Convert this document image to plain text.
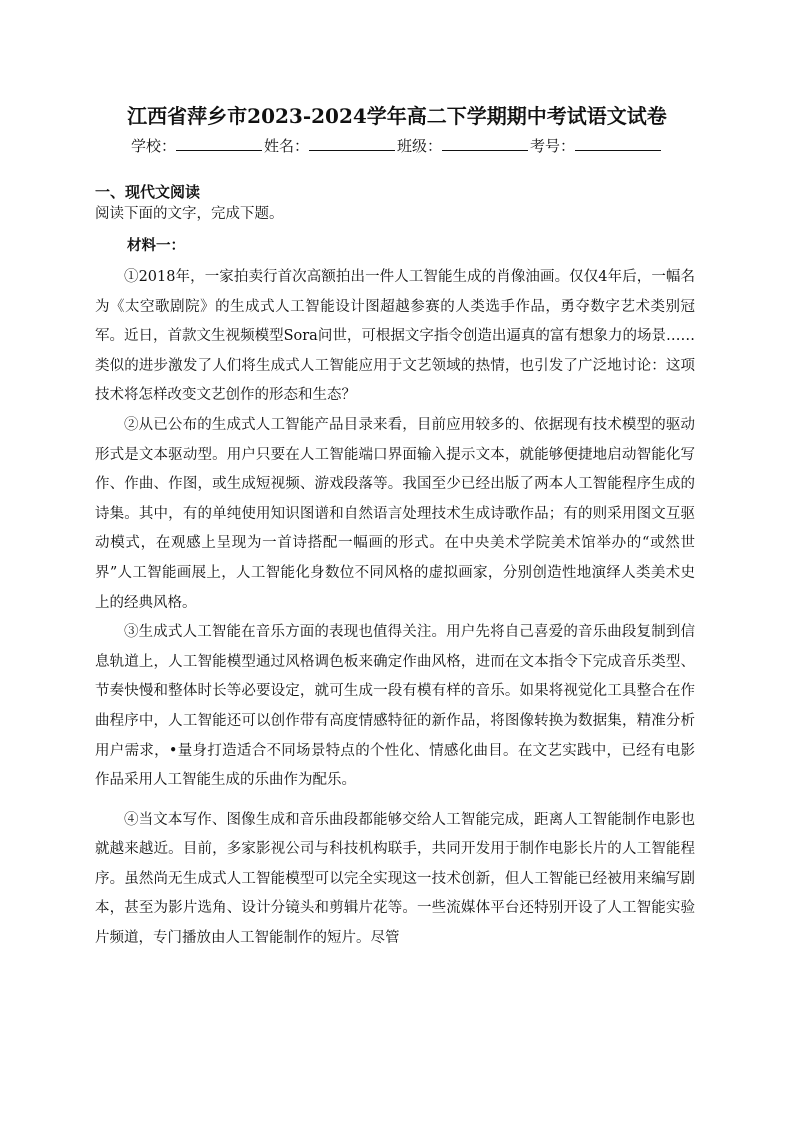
江西省萍乡市2023-2024学年高二下学期期中考试语文试卷
学校：	姓名：	班级：	考号：
一、现代文阅读
阅读下面的文字，完成下题。
材料一：

①2018年，一家拍卖行首次高额拍出一件人工智能生成的肖像油画。仅仅4年后，一幅名为《太空歌剧院》的生成式人工智能设计图超越参赛的人类选手作品，勇夺数字艺术类别冠军。近日，首款文生视频模型Sora问世，可根据文字指令创造出逼真的富有想象力的场景……类似的进步激发了人们将生成式人工智能应用于文艺领域的热情，也引发了广泛地讨论：这项技术将怎样改变文艺创作的形态和生态？

②从已公布的生成式人工智能产品目录来看，目前应用较多的、依据现有技术模型的驱动形式是文本驱动型。用户只要在人工智能端口界面输入提示文本，就能够便捷地启动智能化写作、作曲、作图，或生成短视频、游戏段落等。我国至少已经出版了两本人工智能程序生成的诗集。其中，有的单纯使用知识图谱和自然语言处理技术生成诗歌作品；有的则采用图文互驱动模式，在观感上呈现为一首诗搭配一幅画的形式。在中央美术学院美术馆举办的“或然世界”人工智能画展上，人工智能化身数位不同风格的虚拟画家，分别创造性地演绎人类美术史上的经典风格。

③生成式人工智能在音乐方面的表现也值得关注。用户先将自己喜爱的音乐曲段复制到信息轨道上，人工智能模型通过风格调色板来确定作曲风格，进而在文本指令下完成音乐类型、节奏快慢和整体时长等必要设定，就可生成一段有模有样的音乐。如果将视觉化工具整合在作曲程序中，人工智能还可以创作带有高度情感特征的新作品，将图像转换为数据集，精准分析用户需求，•量身打造适合不同场景特点的个性化、情感化曲目。在文艺实践中，已经有电影作品采用人工智能生成的乐曲作为配乐。

④当文本写作、图像生成和音乐曲段都能够交给人工智能完成，距离人工智能制作电影也就越来越近。目前，多家影视公司与科技机构联手，共同开发用于制作电影长片的人工智能程序。虽然尚无生成式人工智能模型可以完全实现这一技术创新，但人工智能已经被用来编写剧本，甚至为影片选角、设计分镜头和剪辑片花等。一些流媒体平台还特别开设了人工智能实验片频道，专门播放由人工智能制作的短片。尽管
